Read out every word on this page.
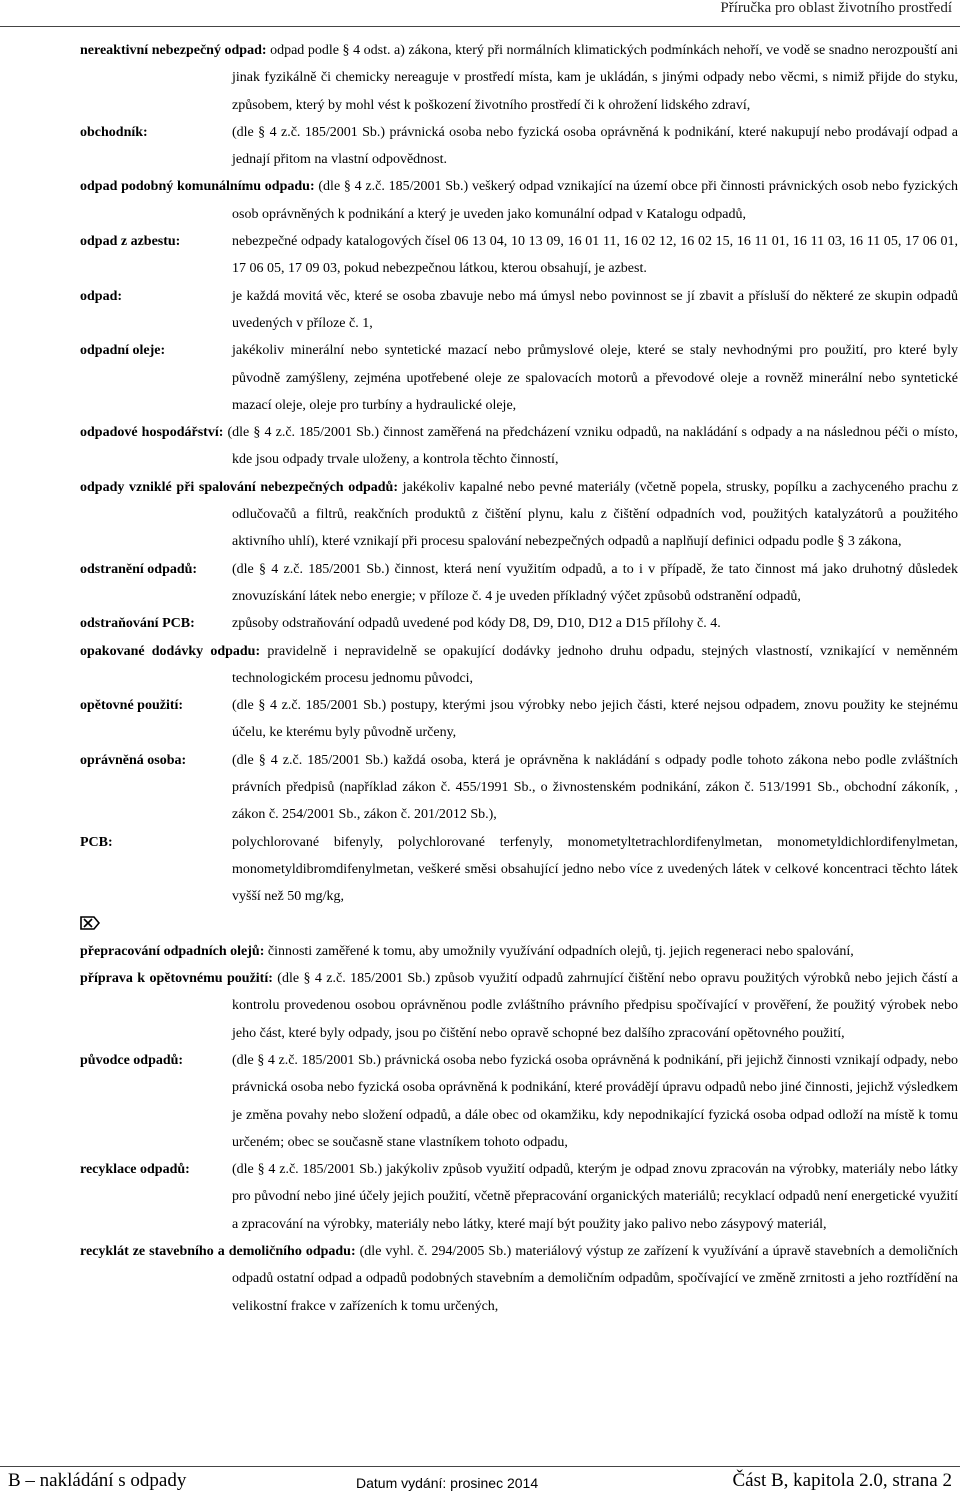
Příručka pro oblast životního prostředí

nereaktivní nebezpečný odpad: odpad podle § 4 odst. a) zákona, který při normálních klimatických podmínkách nehoří, ve vodě se snadno nerozpouští ani jinak fyzikálně či chemicky nereaguje v prostředí místa, kam je ukládán, s jinými odpady nebo věcmi, s nimiž přijde do styku, způsobem, který by mohl vést k poškození životního prostředí či k ohrožení lidského zdraví,

obchodník:	(dle § 4 z.č. 185/2001 Sb.) právnická osoba nebo fyzická osoba oprávněná k podnikání, které nakupují nebo prodávají odpad a jednají přitom na vlastní odpovědnost.

odpad podobný komunálnímu odpadu: (dle § 4 z.č. 185/2001 Sb.) veškerý odpad vznikající na území obce při činnosti právnických osob nebo fyzických osob oprávněných k podnikání a který je uveden jako komunální odpad v Katalogu odpadů,

odpad z azbestu:	nebezpečné odpady katalogových čísel 06 13 04, 10 13 09, 16 01 11, 16 02 12, 16 02 15, 16 11 01, 16 11 03, 16 11 05, 17 06 01, 17 06 05, 17 09 03, pokud nebezpečnou látkou, kterou obsahují, je azbest.

odpad:	je každá movitá věc, které se osoba zbavuje nebo má úmysl nebo povinnost se jí zbavit a přísluší do některé ze skupin odpadů uvedených v příloze č. 1,

odpadní oleje:	jakékoliv minerální nebo syntetické mazací nebo průmyslové oleje, které se staly nevhodnými pro použití, pro které byly původně zamýšleny, zejména upotřebené oleje ze spalovacích motorů a převodové oleje a rovněž minerální nebo syntetické mazací oleje, oleje pro turbíny a hydraulické oleje,

odpadové hospodářství: (dle § 4 z.č. 185/2001 Sb.) činnost zaměřená na předcházení vzniku odpadů, na nakládání s odpady a na následnou péči o místo, kde jsou odpady trvale uloženy, a kontrola těchto činností,

odpady vzniklé při spalování nebezpečných odpadů: jakékoliv kapalné nebo pevné materiály (včetně popela, strusky, popílku a zachyceného prachu z odlučovačů a filtrů, reakčních produktů z čištění plynu, kalu z čištění odpadních vod, použitých katalyzátorů a použitého aktivního uhlí), které vznikají při procesu spalování nebezpečných odpadů a naplňují definici odpadu podle § 3 zákona,

odstranění odpadů: (dle § 4 z.č. 185/2001 Sb.) činnost, která není využitím odpadů, a to i v případě, že tato činnost má jako druhotný důsledek znovuzískání látek nebo energie; v příloze č. 4 je uveden příkladný výčet způsobů odstranění odpadů,

odstraňování PCB:	způsoby odstraňování odpadů uvedené pod kódy D8, D9, D10, D12 a D15 přílohy č. 4.

opakované dodávky odpadu: pravidelně i nepravidelně se opakující dodávky jednoho druhu odpadu, stejných vlastností, vznikající v neměnném technologickém procesu jednomu původci,

opětovné použití:	(dle § 4 z.č. 185/2001 Sb.) postupy, kterými jsou výrobky nebo jejich části, které nejsou odpadem, znovu použity ke stejnému účelu, ke kterému byly původně určeny,

oprávněná osoba:	(dle § 4 z.č. 185/2001 Sb.) každá osoba, která je oprávněna k nakládání s odpady podle tohoto zákona nebo podle zvláštních právních předpisů (například zákon č. 455/1991 Sb., o živnostenském podnikání, zákon č. 513/1991 Sb., obchodní zákoník, , zákon č. 254/2001 Sb., zákon č. 201/2012 Sb.),

PCB:	polychlorované bifenyly, polychlorované terfenyly, monometyltetrachlordifenylmetan, monometyldichlordifenylmetan, monometyldibromdifenylmetan, veškeré směsi obsahující jedno nebo více z uvedených látek v celkové koncentraci těchto látek vyšší než 50 mg/kg,

přepracování odpadních olejů: činnosti zaměřené k tomu, aby umožnily využívání odpadních olejů, tj. jejich regeneraci nebo spalování,

příprava k opětovnému použití: (dle § 4 z.č. 185/2001 Sb.) způsob využití odpadů zahrnující čištění nebo opravu použitých výrobků nebo jejich částí a kontrolu provedenou osobou oprávněnou podle zvláštního právního předpisu spočívající v prověření, že použitý výrobek nebo jeho část, které byly odpady, jsou po čištění nebo opravě schopné bez dalšího zpracování opětovného použití,

původce odpadů:	(dle § 4 z.č. 185/2001 Sb.) právnická osoba nebo fyzická osoba oprávněná k podnikání, při jejichž činnosti vznikají odpady, nebo právnická osoba nebo fyzická osoba oprávněná k podnikání, které provádějí úpravu odpadů nebo jiné činnosti, jejichž výsledkem je změna povahy nebo složení odpadů, a dále obec od okamžiku, kdy nepodnikající fyzická osoba odpad odloží na místě k tomu určeném; obec se současně stane vlastníkem tohoto odpadu,

recyklace odpadů:	(dle § 4 z.č. 185/2001 Sb.) jakýkoliv způsob využití odpadů, kterým je odpad znovu zpracován na výrobky, materiály nebo látky pro původní nebo jiné účely jejich použití, včetně přepracování organických materiálů; recyklací odpadů není energetické využití a zpracování na výrobky, materiály nebo látky, které mají být použity jako palivo nebo zásypový materiál,

recyklát ze stavebního a demoličního odpadu: (dle vyhl. č. 294/2005 Sb.) materiálový výstup ze zařízení k využívání a úpravě stavebních a demoličních odpadů ostatní odpad a odpadů podobných stavebním a demoličním odpadům, spočívající ve změně zrnitosti a jeho roztřídění na velikostní frakce v zařízeních k tomu určených,

B – nakládání s odpady	Datum vydání: prosinec 2014	Část B, kapitola 2.0, strana 2
